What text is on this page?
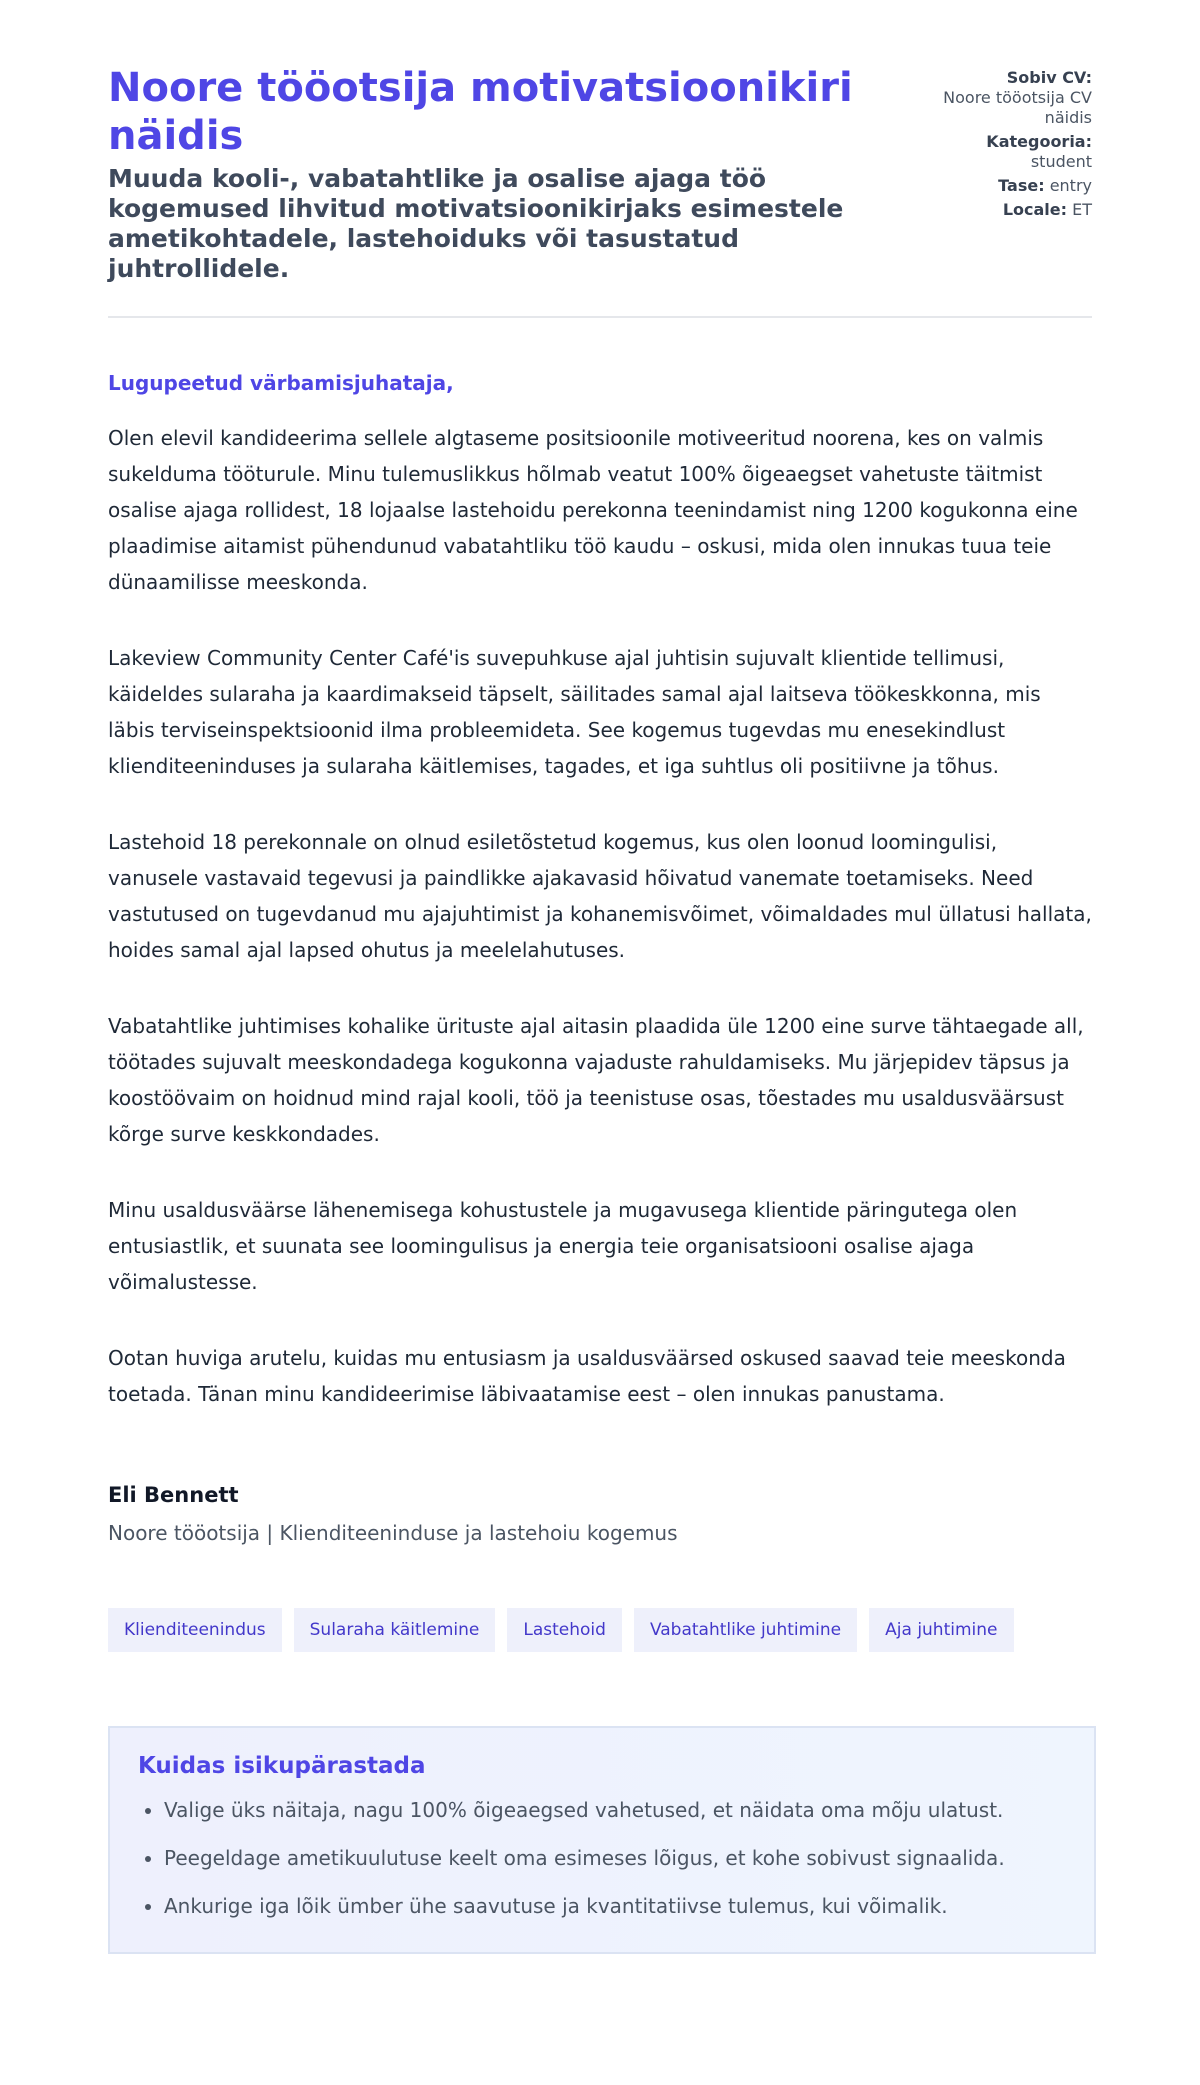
Noore tööotsija motivatsioonikiri näidis
Muuda kooli-, vabatahtlike ja osalise ajaga töö kogemused lihvitud motivatsioonikirjaks esimestele ametikohtadele, lastehoiduks või tasustatud juhtrollidele.
Sobiv CV:
Noore tööotsija CV näidis
Kategooria:
student
Tase: entry
Locale: ET

Lugupeetud värbamisjuhataja,

Olen elevil kandideerima sellele algtaseme positsioonile motiveeritud noorena, kes on valmis sukelduma tööturule. Minu tulemuslikkus hõlmab veatut 100% õigeaegset vahetuste täitmist osalise ajaga rollidest, 18 lojaalse lastehoidu perekonna teenindamist ning 1200 kogukonna eine plaadimise aitamist pühendunud vabatahtliku töö kaudu – oskusi, mida olen innukas tuua teie dünaamilisse meeskonda.

Lakeview Community Center Café'is suvepuhkuse ajal juhtisin sujuvalt klientide tellimusi, käideldes sularaha ja kaardimakseid täpselt, säilitades samal ajal laitseva töökeskkonna, mis läbis terviseinspektsioonid ilma probleemideta. See kogemus tugevdas mu enesekindlust klienditeeninduses ja sularaha käitlemises, tagades, et iga suhtlus oli positiivne ja tõhus.

Lastehoid 18 perekonnale on olnud esiletõstetud kogemus, kus olen loonud loomingulisi, vanusele vastavaid tegevusi ja paindlikke ajakavasid hõivatud vanemate toetamiseks. Need vastutused on tugevdanud mu ajajuhtimist ja kohanemisvõimet, võimaldades mul üllatusi hallata, hoides samal ajal lapsed ohutus ja meelelahutuses.

Vabatahtlike juhtimises kohalike ürituste ajal aitasin plaadida üle 1200 eine surve tähtaegade all, töötades sujuvalt meeskondadega kogukonna vajaduste rahuldamiseks. Mu järjepidev täpsus ja koostöövaim on hoidnud mind rajal kooli, töö ja teenistuse osas, tõestades mu usaldusväärsust kõrge surve keskkondades.

Minu usaldusväärse lähenemisega kohustustele ja mugavusega klientide päringutega olen entusiastlik, et suunata see loomingulisus ja energia teie organisatsiooni osalise ajaga võimalustesse.

Ootan huviga arutelu, kuidas mu entusiasm ja usaldusväärsed oskused saavad teie meeskonda toetada. Tänan minu kandideerimise läbivaatamise eest – olen innukas panustama.

Eli Bennett
Noore tööotsija | Klienditeeninduse ja lastehoiu kogemus
Klienditeenindus	Sularaha käitlemine	Lastehoid	Vabatahtlike juhtimine	Aja juhtimine
Kuidas isikupärastada
• Valige üks näitaja, nagu 100% õigeaegsed vahetused, et näidata oma mõju ulatust.
• Peegeldage ametikuulutuse keelt oma esimeses lõigus, et kohe sobivust signaalida.
• Ankurige iga lõik ümber ühe saavutuse ja kvantitatiivse tulemus, kui võimalik.
